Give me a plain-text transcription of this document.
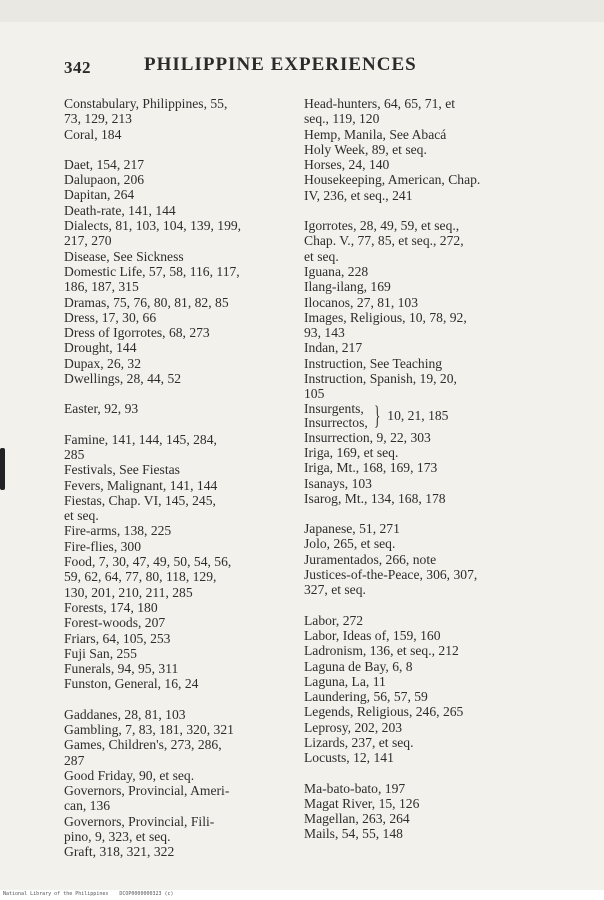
342	PHILIPPINE EXPERIENCES
Constabulary, Philippines, 55,
73, 129, 213
Coral, 184
Daet, 154, 217
Dalupaon, 206
Dapitan, 264
Death-rate, 141, 144
Dialects, 81, 103, 104, 139, 199,
217, 270
Disease, See Sickness
Domestic Life, 57, 58, 116, 117,
186, 187, 315
Dramas, 75, 76, 80, 81, 82, 85
Dress, 17, 30, 66
Dress of Igorrotes, 68, 273
Drought, 144
Dupax, 26, 32
Dwellings, 28, 44, 52
Easter, 92, 93
Famine, 141, 144, 145, 284,
285
Festivals, See Fiestas
Fevers, Malignant, 141, 144
Fiestas, Chap. VI, 145, 245,
et seq.
Fire-arms, 138, 225
Fire-flies, 300
Food, 7, 30, 47, 49, 50, 54, 56,
59, 62, 64, 77, 80, 118, 129,
130, 201, 210, 211, 285
Forests, 174, 180
Forest-woods, 207
Friars, 64, 105, 253
Fuji San, 255
Funerals, 94, 95, 311
Funston, General, 16, 24
Gaddanes, 28, 81, 103
Gambling, 7, 83, 181, 320, 321
Games, Children's, 273, 286,
287
Good Friday, 90, et seq.
Governors, Provincial, Ameri-
can, 136
Governors, Provincial, Fili-
pino, 9, 323, et seq.
Graft, 318, 321, 322
Head-hunters, 64, 65, 71, et
seq., 119, 120
Hemp, Manila, See Abacá
Holy Week, 89, et seq.
Horses, 24, 140
Housekeeping, American, Chap.
IV, 236, et seq., 241
Igorrotes, 28, 49, 59, et seq.,
Chap. V., 77, 85, et seq., 272,
et seq.
Iguana, 228
Ilang-ilang, 169
Ilocanos, 27, 81, 103
Images, Religious, 10, 78, 92,
93, 143
Indan, 217
Instruction, See Teaching
Instruction, Spanish, 19, 20,
105
Insurgents,
Insurrectos, } 10, 21, 185
Insurrection, 9, 22, 303
Iriga, 169, et seq.
Iriga, Mt., 168, 169, 173
Isanays, 103
Isarog, Mt., 134, 168, 178
Japanese, 51, 271
Jolo, 265, et seq.
Juramentados, 266, note
Justices-of-the-Peace, 306, 307,
327, et seq.
Labor, 272
Labor, Ideas of, 159, 160
Ladronism, 136, et seq., 212
Laguna de Bay, 6, 8
Laguna, La, 11
Laundering, 56, 57, 59
Legends, Religious, 246, 265
Leprosy, 202, 203
Lizards, 237, et seq.
Locusts, 12, 141
Ma-bato-bato, 197
Magat River, 15, 126
Magellan, 263, 264
Mails, 54, 55, 148
National Library of the Philippines DCOP0000000323 (c)
